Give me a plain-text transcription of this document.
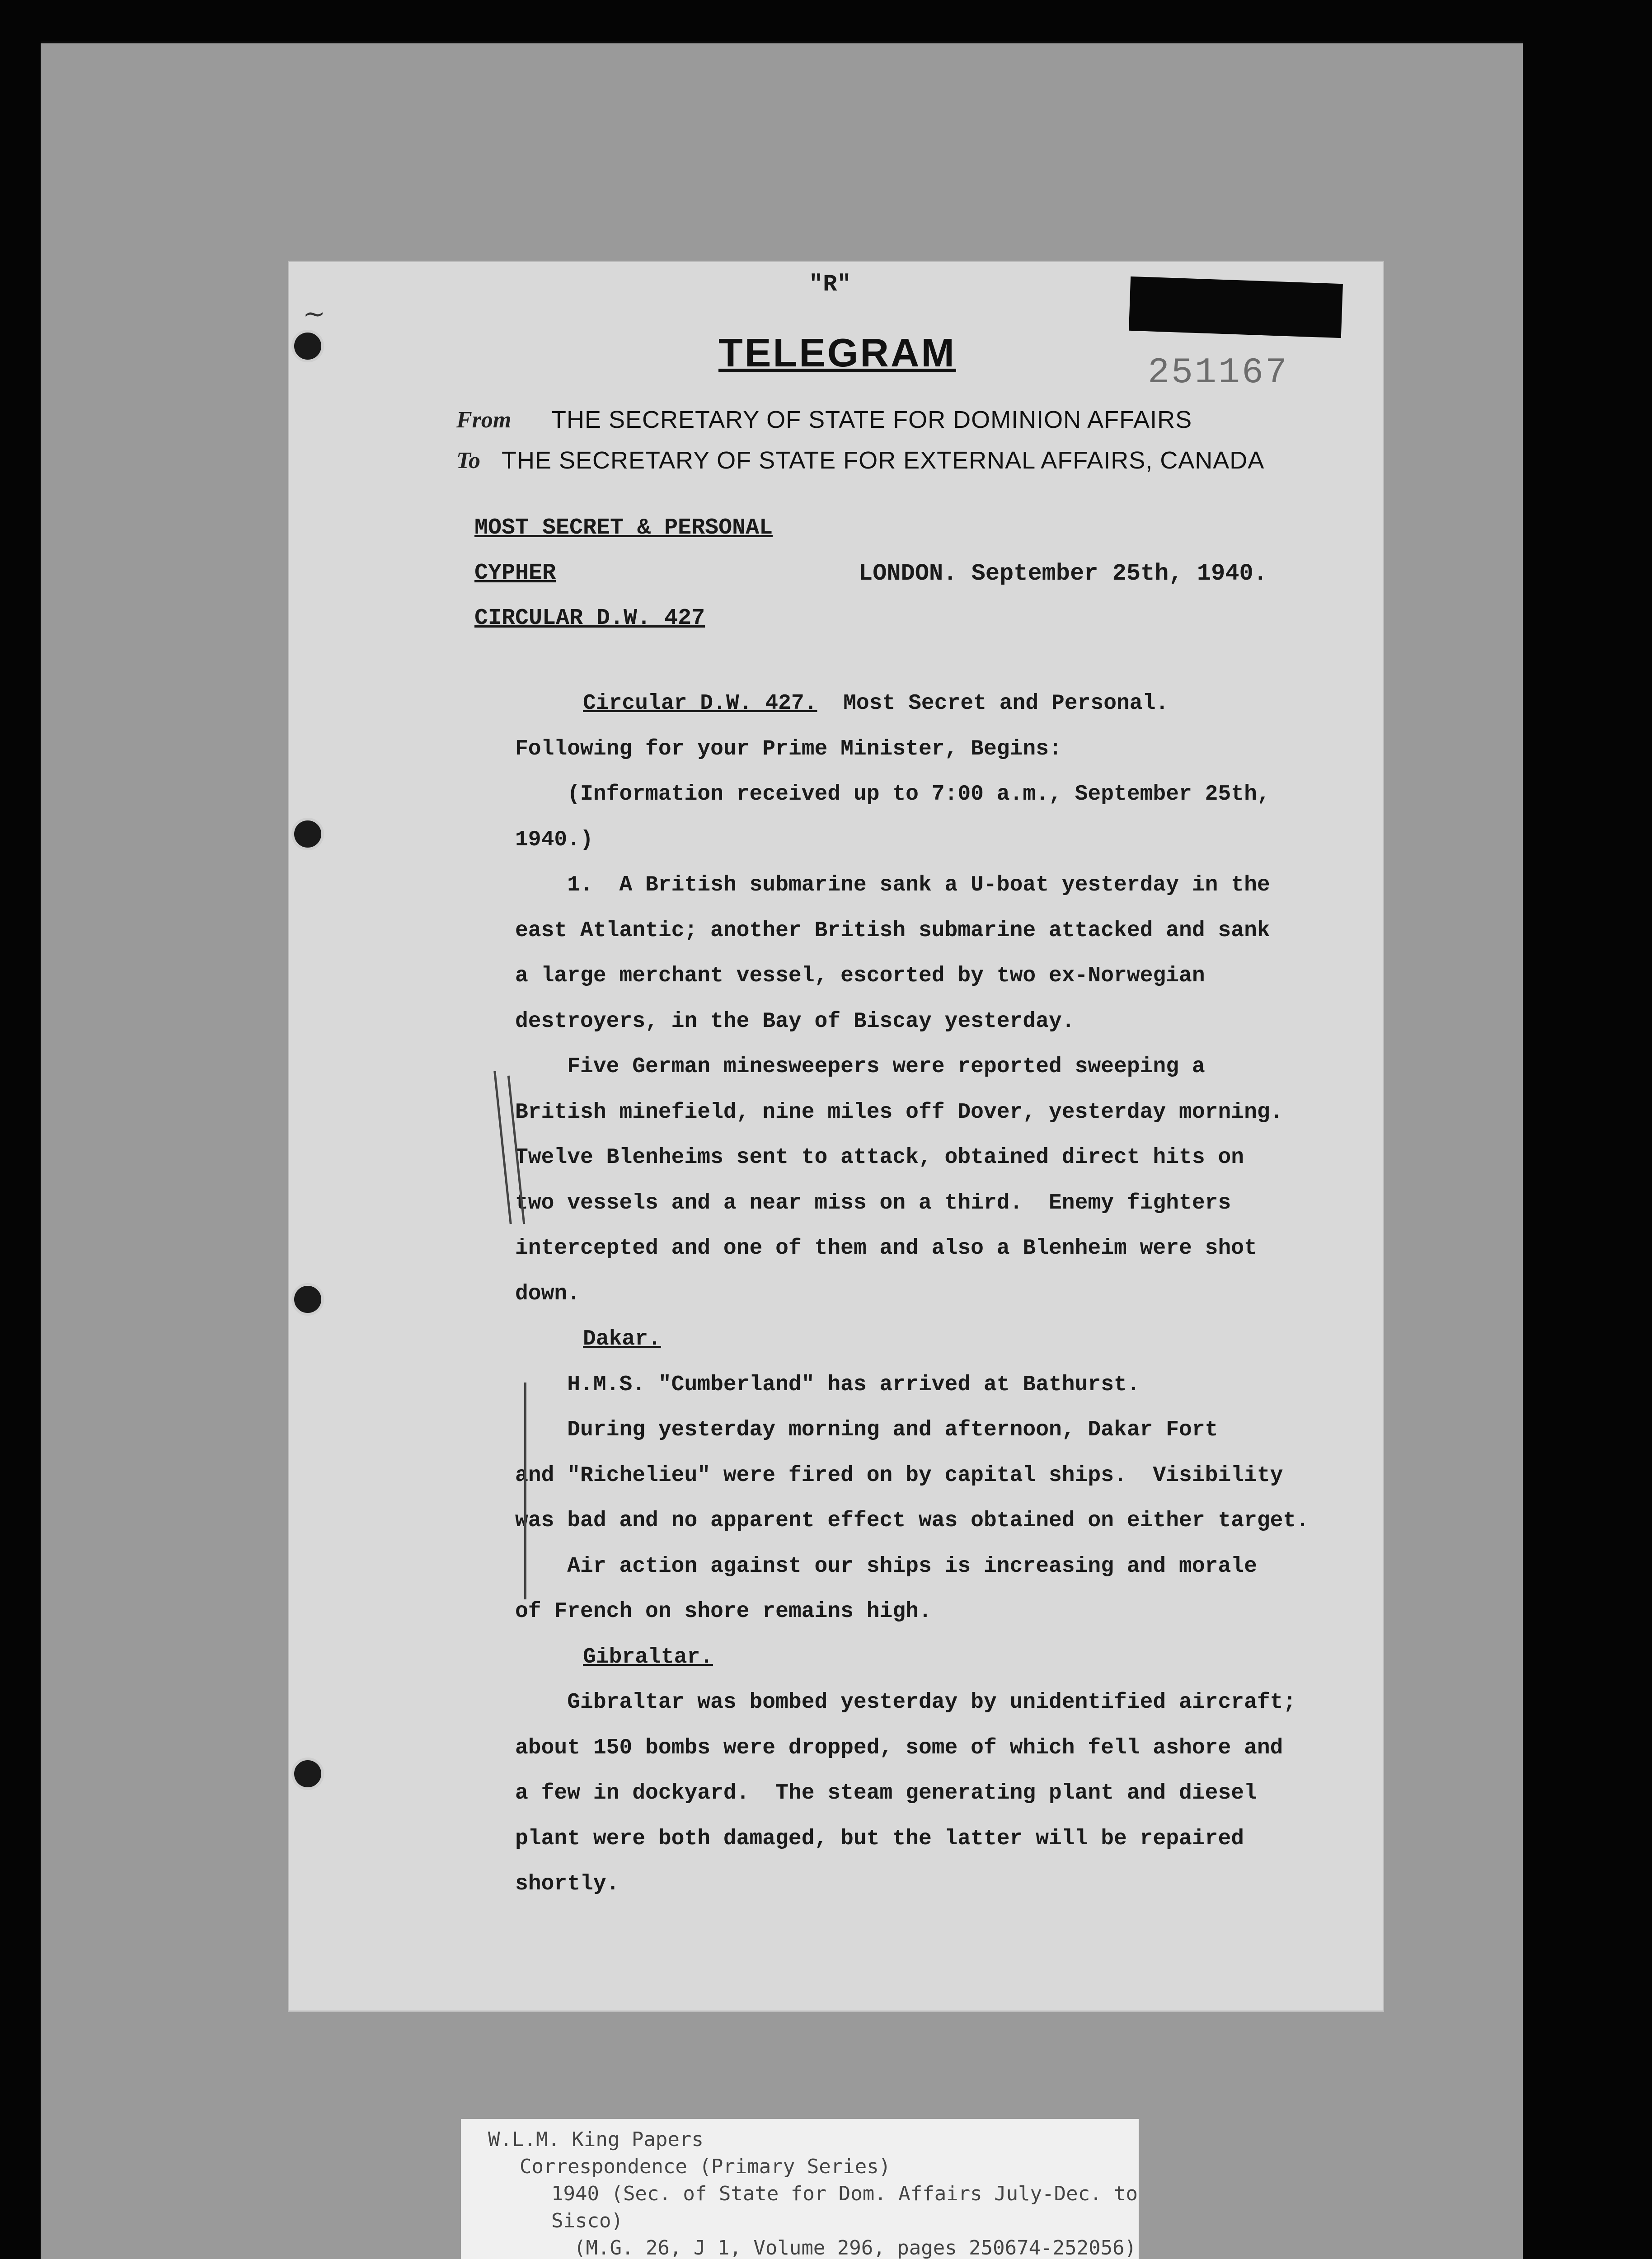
"R"
251167
~
TELEGRAM
From THE SECRETARY OF STATE FOR DOMINION AFFAIRS
To THE SECRETARY OF STATE FOR EXTERNAL AFFAIRS, CANADA
MOST SECRET & PERSONAL
CYPHER	LONDON. September 25th, 1940.
CIRCULAR D.W. 427
Circular D.W. 427.  Most Secret and Personal.
Following for your Prime Minister, Begins:
(Information received up to 7:00 a.m., September 25th,
1940.)
1.  A British submarine sank a U-boat yesterday in the
east Atlantic; another British submarine attacked and sank
a large merchant vessel, escorted by two ex-Norwegian
destroyers, in the Bay of Biscay yesterday.
Five German minesweepers were reported sweeping a
British minefield, nine miles off Dover, yesterday morning.
Twelve Blenheims sent to attack, obtained direct hits on
two vessels and a near miss on a third.  Enemy fighters
intercepted and one of them and also a Blenheim were shot
down.
Dakar.
H.M.S. "Cumberland" has arrived at Bathurst.
During yesterday morning and afternoon, Dakar Fort
and "Richelieu" were fired on by capital ships.  Visibility
was bad and no apparent effect was obtained on either target.
Air action against our ships is increasing and morale
of French on shore remains high.
Gibraltar.
Gibraltar was bombed yesterday by unidentified aircraft;
about 150 bombs were dropped, some of which fell ashore and
a few in dockyard.  The steam generating plant and diesel
plant were both damaged, but the latter will be repaired
shortly.
W.L.M. King Papers
Correspondence (Primary Series)
1940 (Sec. of State for Dom. Affairs July-Dec. to
Sisco)
(M.G. 26, J 1, Volume 296, pages 250674-252056)
